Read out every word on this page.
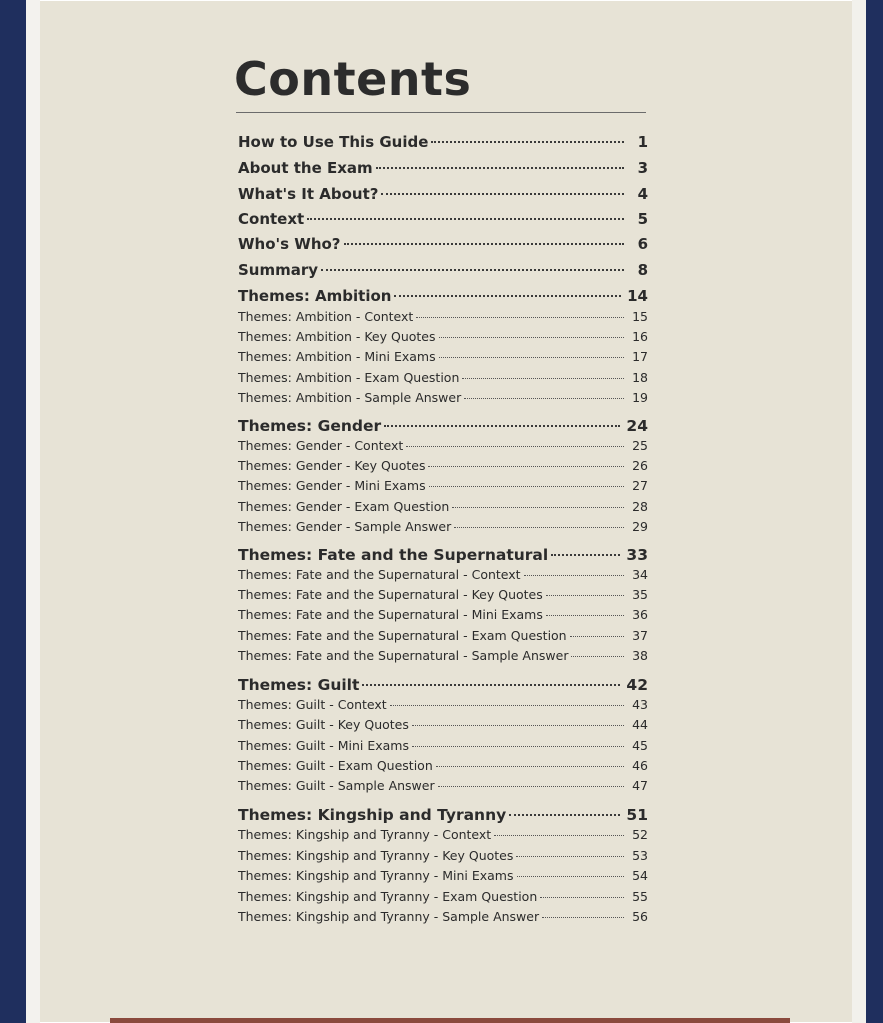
Contents
How to Use This Guide	1
About the Exam	3
What's It About?	4
Context	5
Who's Who?	6
Summary	8
Themes: Ambition	14
Themes: Ambition - Context	15
Themes: Ambition - Key Quotes	16
Themes: Ambition - Mini Exams	17
Themes: Ambition - Exam Question	18
Themes: Ambition - Sample Answer	19
Themes: Gender	24
Themes: Gender - Context	25
Themes: Gender - Key Quotes	26
Themes: Gender - Mini Exams	27
Themes: Gender - Exam Question	28
Themes: Gender - Sample Answer	29
Themes: Fate and the Supernatural	33
Themes: Fate and the Supernatural - Context	34
Themes: Fate and the Supernatural - Key Quotes	35
Themes: Fate and the Supernatural - Mini Exams	36
Themes: Fate and the Supernatural - Exam Question	37
Themes: Fate and the Supernatural - Sample Answer	38
Themes: Guilt	42
Themes: Guilt - Context	43
Themes: Guilt - Key Quotes	44
Themes: Guilt - Mini Exams	45
Themes: Guilt - Exam Question	46
Themes: Guilt - Sample Answer	47
Themes: Kingship and Tyranny	51
Themes: Kingship and Tyranny - Context	52
Themes: Kingship and Tyranny - Key Quotes	53
Themes: Kingship and Tyranny - Mini Exams	54
Themes: Kingship and Tyranny - Exam Question	55
Themes: Kingship and Tyranny - Sample Answer	56
